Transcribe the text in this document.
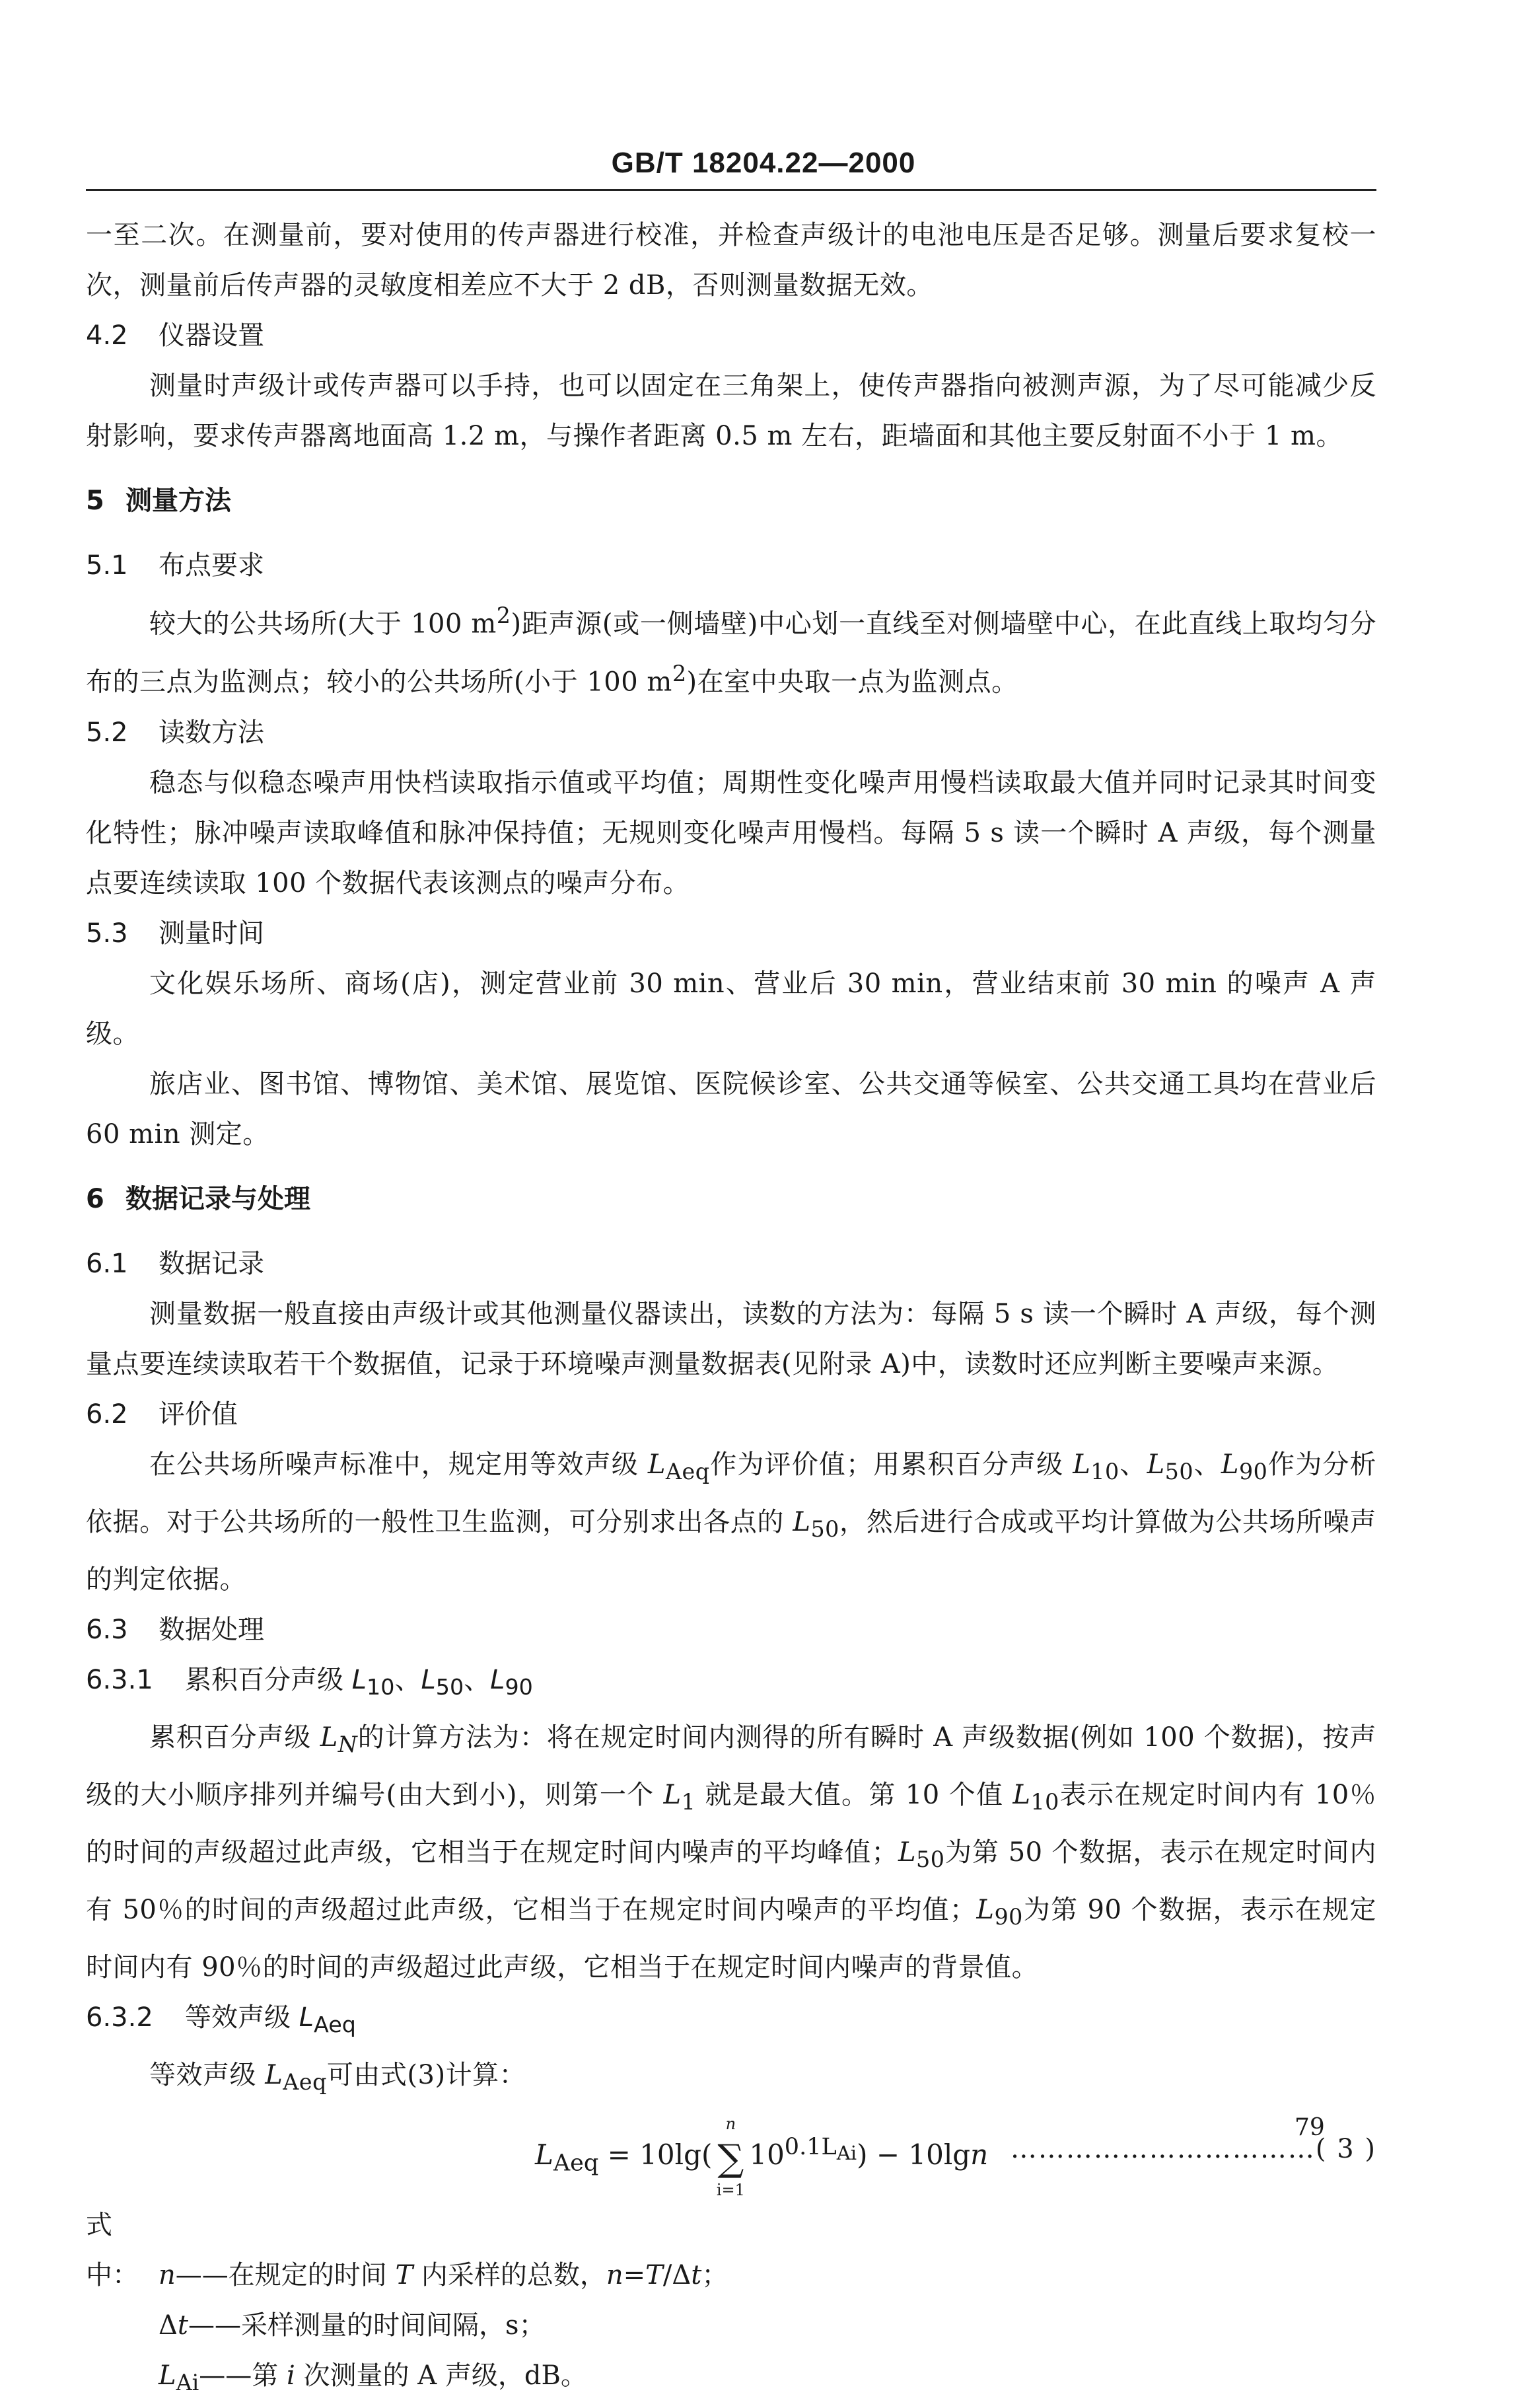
GB/T 18204.22—2000

一至二次。在测量前，要对使用的传声器进行校准，并检查声级计的电池电压是否足够。测量后要求复校一次，测量前后传声器的灵敏度相差应不大于 2 dB，否则测量数据无效。

4.2 仪器设置

测量时声级计或传声器可以手持，也可以固定在三角架上，使传声器指向被测声源，为了尽可能减少反射影响，要求传声器离地面高 1.2 m，与操作者距离 0.5 m 左右，距墙面和其他主要反射面不小于 1 m。

5 测量方法
5.1 布点要求

较大的公共场所(大于 100 $m^2$)距声源(或一侧墙壁)中心划一直线至对侧墙壁中心，在此直线上取均匀分布的三点为监测点；较小的公共场所(小于 100 $m^2$)在室中央取一点为监测点。

5.2 读数方法

稳态与似稳态噪声用快档读取指示值或平均值；周期性变化噪声用慢档读取最大值并同时记录其时间变化特性；脉冲噪声读取峰值和脉冲保持值；无规则变化噪声用慢档。每隔 5 s 读一个瞬时 A 声级，每个测量点要连续读取 100 个数据代表该测点的噪声分布。

5.3 测量时间

文化娱乐场所、商场(店)，测定营业前 30 min、营业后 30 min，营业结束前 30 min 的噪声 A 声级。

旅店业、图书馆、博物馆、美术馆、展览馆、医院候诊室、公共交通等候室、公共交通工具均在营业后 60 min 测定。

6 数据记录与处理
6.1 数据记录

测量数据一般直接由声级计或其他测量仪器读出，读数的方法为：每隔 5 s 读一个瞬时 A 声级，每个测量点要连续读取若干个数据值，记录于环境噪声测量数据表(见附录 A)中，读数时还应判断主要噪声来源。

6.2 评价值

在公共场所噪声标准中，规定用等效声级 $L_{Aeq}$作为评价值；用累积百分声级 $L_{10}$、$L_{50}$、$L_{90}$作为分析依据。对于公共场所的一般性卫生监测，可分别求出各点的 $L_{50}$，然后进行合成或平均计算做为公共场所噪声的判定依据。

6.3 数据处理
6.3.1 累积百分声级 $L_{10}$、$L_{50}$、$L_{90}$

累积百分声级 $L_N$的计算方法为：将在规定时间内测得的所有瞬时 A 声级数据(例如 100 个数据)，按声级的大小顺序排列并编号(由大到小)，则第一个 $L_1$ 就是最大值。第 10 个值 $L_{10}$表示在规定时间内有 10％的时间的声级超过此声级，它相当于在规定时间内噪声的平均峰值；$L_{50}$为第 50 个数据，表示在规定时间内有 50％的时间的声级超过此声级，它相当于在规定时间内噪声的平均值；$L_{90}$为第 90 个数据，表示在规定时间内有 90％的时间的声级超过此声级，它相当于在规定时间内噪声的背景值。

6.3.2 等效声级 $L_{Aeq}$

等效声级 $L_{Aeq}$可由式(3)计算：

$L_{Aeq} = 10\lg$(
n
∑
i=1
$10^{0.1L_{Ai}}) - 10\lg n$ ……………………………( 3 )

式中： n——在规定的时间 T 内采样的总数，n=T/Δt；

Δt——采样测量的时间间隔，s；

$L_{Ai}——$第 i 次测量的 A 声级，dB。

79
